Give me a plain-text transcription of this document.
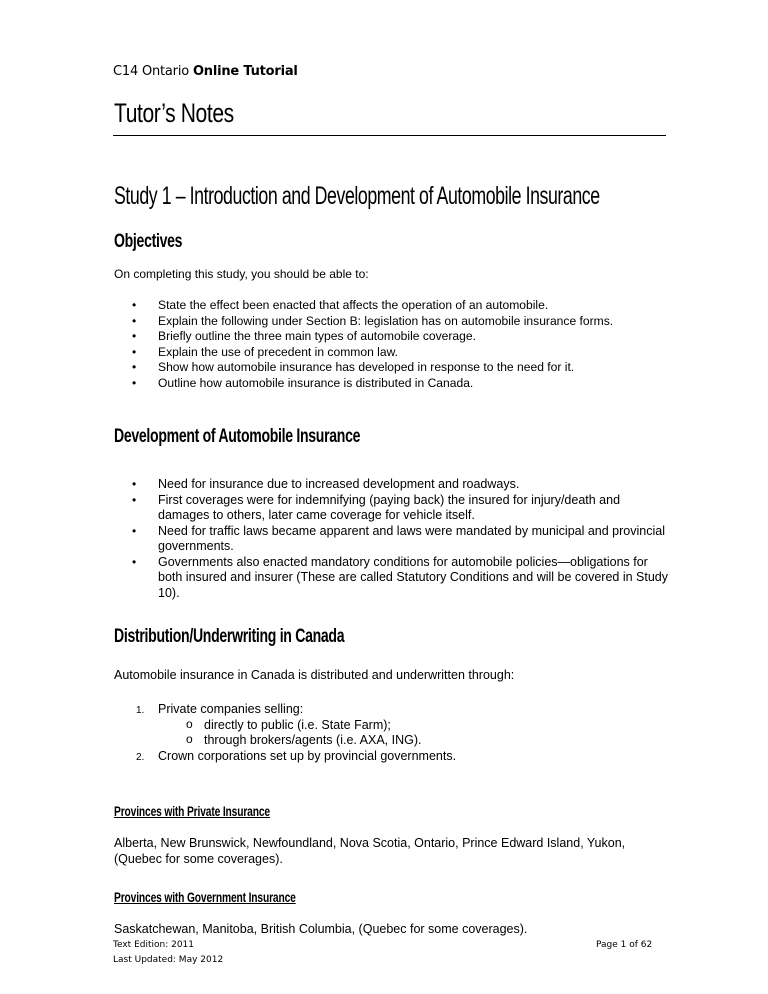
C14 Ontario Online Tutorial
Tutor’s Notes
Study 1 – Introduction and Development of Automobile Insurance
Objectives
On completing this study, you should be able to:
• State the effect been enacted that affects the operation of an automobile.
• Explain the following under Section B: legislation has on automobile insurance forms.
• Briefly outline the three main types of automobile coverage.
• Explain the use of precedent in common law.
• Show how automobile insurance has developed in response to the need for it.
• Outline how automobile insurance is distributed in Canada.
Development of Automobile Insurance
• Need for insurance due to increased development and roadways.
• First coverages were for indemnifying (paying back) the insured for injury/death and damages to others, later came coverage for vehicle itself.
• Need for traffic laws became apparent and laws were mandated by municipal and provincial governments.
• Governments also enacted mandatory conditions for automobile policies—obligations for both insured and insurer (These are called Statutory Conditions and will be covered in Study 10).
Distribution/Underwriting in Canada
Automobile insurance in Canada is distributed and underwritten through:
1. Private companies selling:
o directly to public (i.e. State Farm);
o through brokers/agents (i.e. AXA, ING).
2. Crown corporations set up by provincial governments.
Provinces with Private Insurance
Alberta, New Brunswick, Newfoundland, Nova Scotia, Ontario, Prince Edward Island, Yukon, (Quebec for some coverages).
Provinces with Government Insurance
Saskatchewan, Manitoba, British Columbia, (Quebec for some coverages).
Text Edition: 2011
Last Updated: May 2012
Page 1 of 62
